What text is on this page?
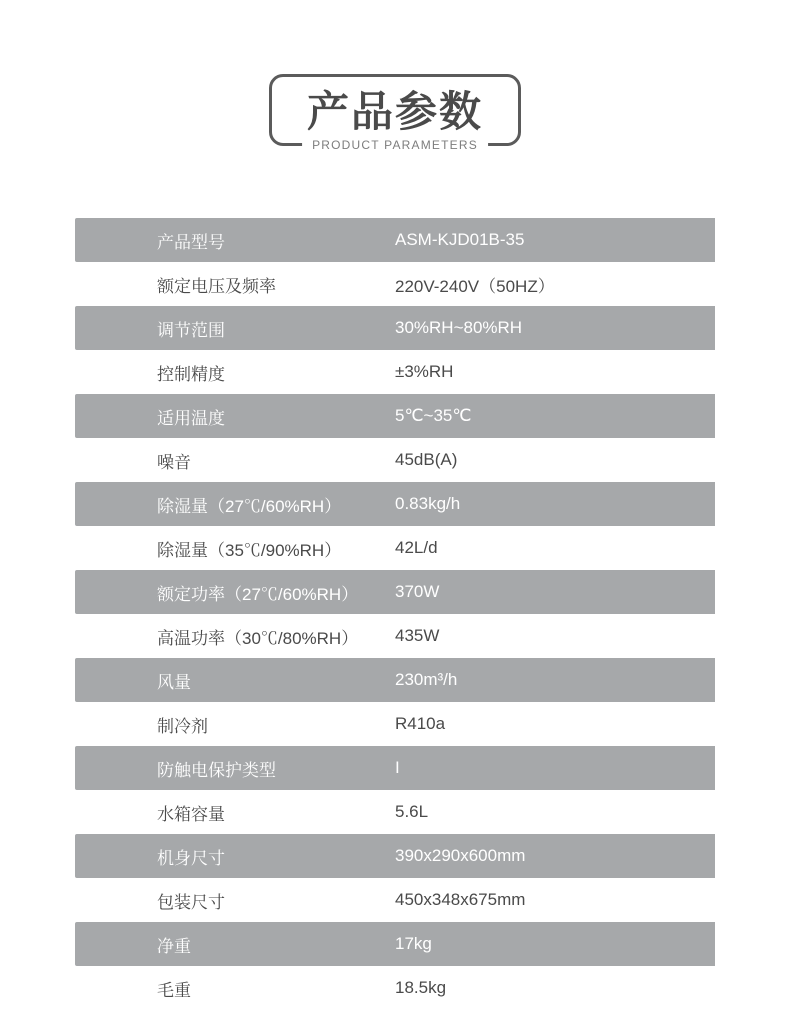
产品参数
PRODUCT PARAMETERS
产品型号	ASM-KJD01B-35
额定电压及频率	220V-240V（50HZ）
调节范围	30%RH~80%RH
控制精度	±3%RH
适用温度	5℃~35℃
噪音	45dB(A)
除湿量（27℃/60%RH）	0.83kg/h
除湿量（35℃/90%RH）	42L/d
额定功率（27℃/60%RH）	370W
高温功率（30℃/80%RH）	435W
风量	230m³/h
制冷剂	R410a
防触电保护类型	I
水箱容量	5.6L
机身尺寸	390x290x600mm
包装尺寸	450x348x675mm
净重	17kg
毛重	18.5kg
